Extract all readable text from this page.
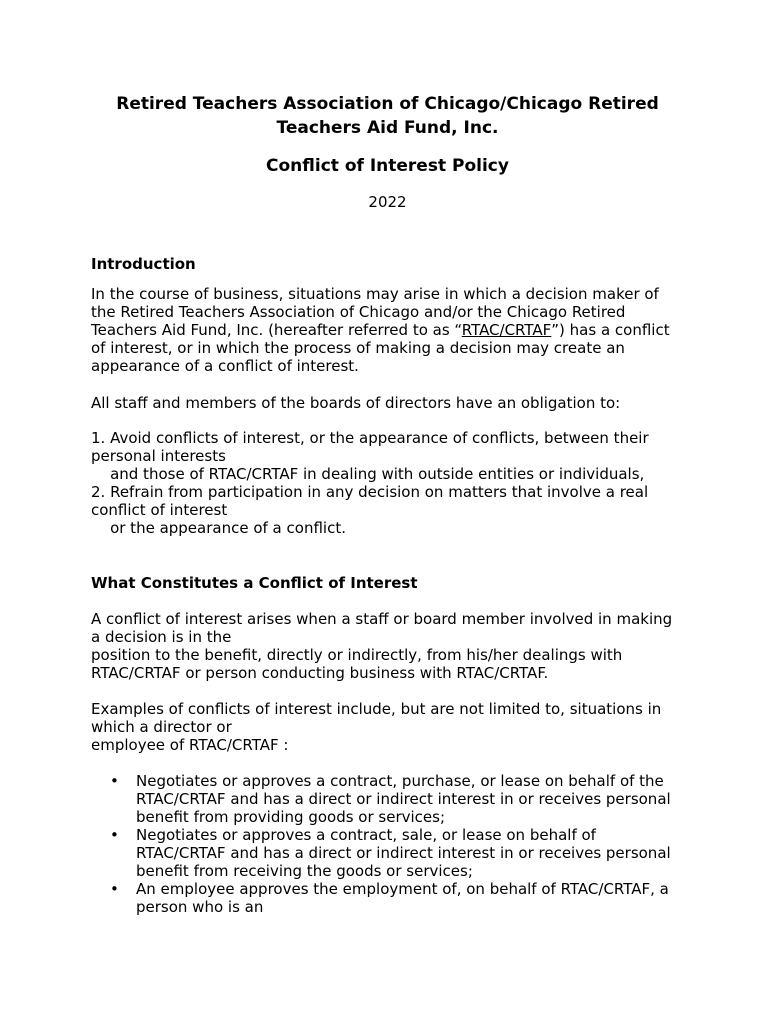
Retired Teachers Association of Chicago/Chicago Retired
Teachers Aid Fund, Inc.
Conflict of Interest Policy
2022
Introduction
In the course of business, situations may arise in which a decision maker of
the Retired Teachers Association of Chicago and/or the Chicago Retired
Teachers Aid Fund, Inc. (hereafter referred to as “RTAC/CRTAF”) has a conflict
of interest, or in which the process of making a decision may create an
appearance of a conflict of interest.
All staff and members of the boards of directors have an obligation to:
1. Avoid conflicts of interest, or the appearance of conflicts, between their
personal interests
and those of RTAC/CRTAF in dealing with outside entities or individuals,
2. Refrain from participation in any decision on matters that involve a real
conflict of interest
or the appearance of a conflict.
What Constitutes a Conflict of Interest
A conflict of interest arises when a staff or board member involved in making
a decision is in the
position to the benefit, directly or indirectly, from his/her dealings with
RTAC/CRTAF or person conducting business with RTAC/CRTAF.
Examples of conflicts of interest include, but are not limited to, situations in
which a director or
employee of RTAC/CRTAF :
• Negotiates or approves a contract, purchase, or lease on behalf of the
RTAC/CRTAF and has a direct or indirect interest in or receives personal
benefit from providing goods or services;
• Negotiates or approves a contract, sale, or lease on behalf of
RTAC/CRTAF and has a direct or indirect interest in or receives personal
benefit from receiving the goods or services;
• An employee approves the employment of, on behalf of RTAC/CRTAF, a
person who is an
